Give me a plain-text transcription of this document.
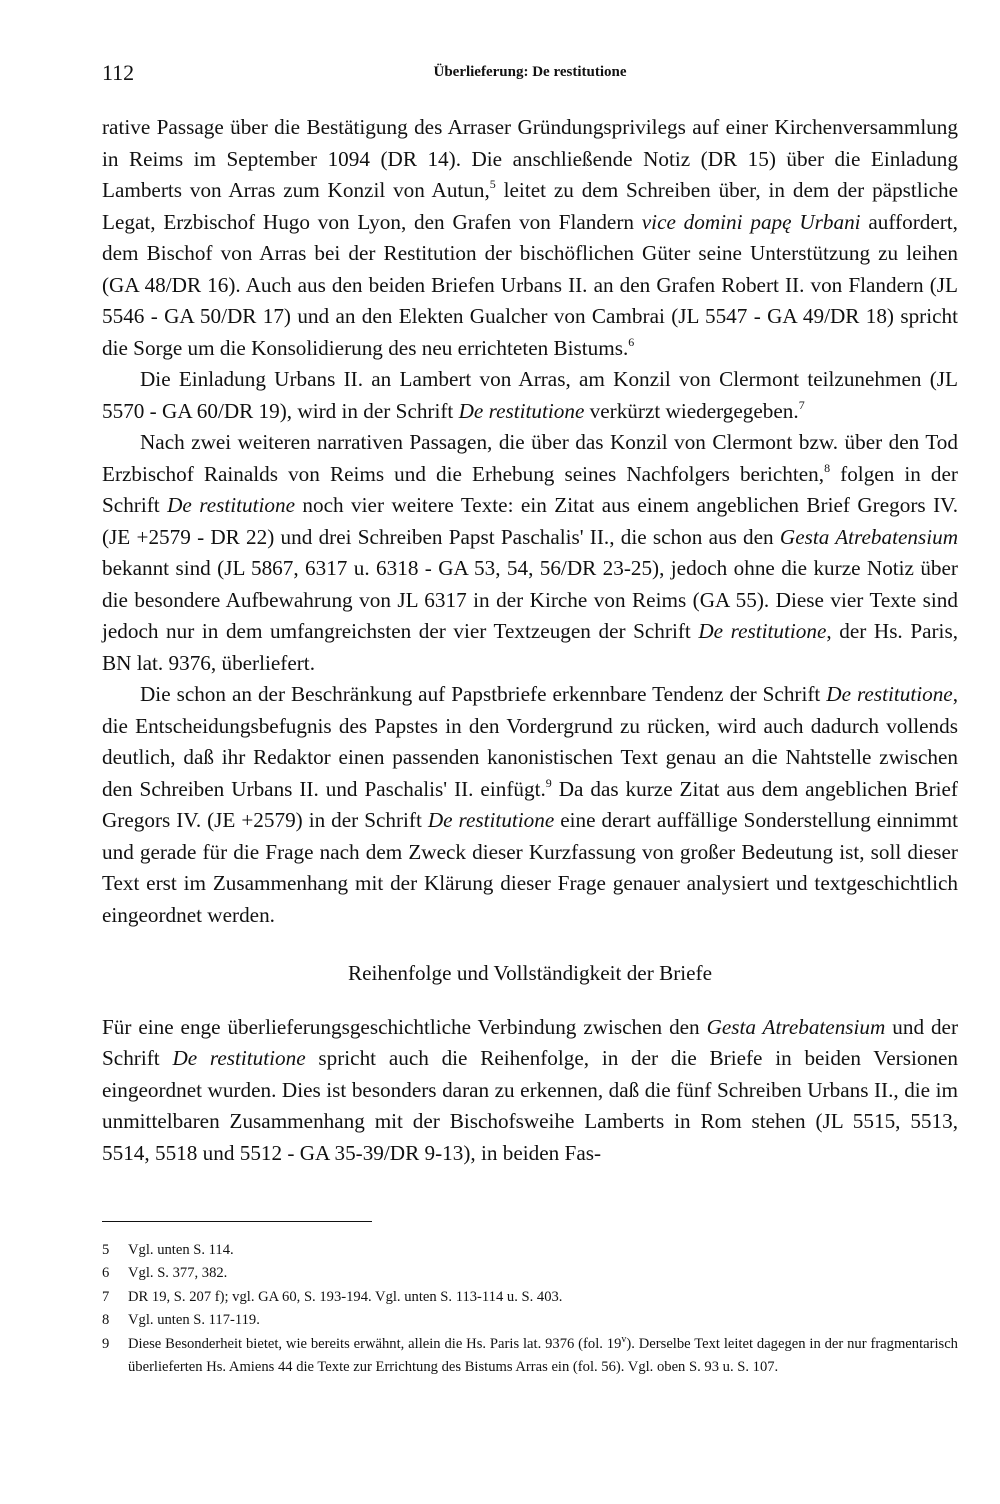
112	Überlieferung: De restitutione

rative Passage über die Bestätigung des Arraser Gründungsprivilegs auf einer Kirchenversammlung in Reims im September 1094 (DR 14). Die anschließende Notiz (DR 15) über die Einladung Lamberts von Arras zum Konzil von Autun,$^5$ leitet zu dem Schreiben über, in dem der päpstliche Legat, Erzbischof Hugo von Lyon, den Grafen von Flandern vice domini papę Urbani auffordert, dem Bischof von Arras bei der Restitution der bischöflichen Güter seine Unterstützung zu leihen (GA 48/DR 16). Auch aus den beiden Briefen Urbans II. an den Grafen Robert II. von Flandern (JL 5546 - GA 50/DR 17) und an den Elekten Gualcher von Cambrai (JL 5547 - GA 49/DR 18) spricht die Sorge um die Konsolidierung des neu errichteten Bistums.$^6$

Die Einladung Urbans II. an Lambert von Arras, am Konzil von Clermont teilzunehmen (JL 5570 - GA 60/DR 19), wird in der Schrift De restitutione verkürzt wiedergegeben.$^7$

Nach zwei weiteren narrativen Passagen, die über das Konzil von Clermont bzw. über den Tod Erzbischof Rainalds von Reims und die Erhebung seines Nachfolgers berichten,$^8$ folgen in der Schrift De restitutione noch vier weitere Texte: ein Zitat aus einem angeblichen Brief Gregors IV. (JE +2579 - DR 22) und drei Schreiben Papst Paschalis' II., die schon aus den Gesta Atrebatensium bekannt sind (JL 5867, 6317 u. 6318 - GA 53, 54, 56/DR 23-25), jedoch ohne die kurze Notiz über die besondere Aufbewahrung von JL 6317 in der Kirche von Reims (GA 55). Diese vier Texte sind jedoch nur in dem umfangreichsten der vier Textzeugen der Schrift De restitutione, der Hs. Paris, BN lat. 9376, überliefert.

Die schon an der Beschränkung auf Papstbriefe erkennbare Tendenz der Schrift De restitutione, die Entscheidungsbefugnis des Papstes in den Vordergrund zu rücken, wird auch dadurch vollends deutlich, daß ihr Redaktor einen passenden kanonistischen Text genau an die Nahtstelle zwischen den Schreiben Urbans II. und Paschalis' II. einfügt.$^9$ Da das kurze Zitat aus dem angeblichen Brief Gregors IV. (JE +2579) in der Schrift De restitutione eine derart auffällige Sonderstellung einnimmt und gerade für die Frage nach dem Zweck dieser Kurzfassung von großer Bedeutung ist, soll dieser Text erst im Zusammenhang mit der Klärung dieser Frage genauer analysiert und textgeschichtlich eingeordnet werden.

Reihenfolge und Vollständigkeit der Briefe

Für eine enge überlieferungsgeschichtliche Verbindung zwischen den Gesta Atrebatensium und der Schrift De restitutione spricht auch die Reihenfolge, in der die Briefe in beiden Versionen eingeordnet wurden. Dies ist besonders daran zu erkennen, daß die fünf Schreiben Urbans II., die im unmittelbaren Zusammenhang mit der Bischofsweihe Lamberts in Rom stehen (JL 5515, 5513, 5514, 5518 und 5512 - GA 35-39/DR 9-13), in beiden Fas-

5 Vgl. unten S. 114.
6 Vgl. S. 377, 382.
7 DR 19, S. 207 f); vgl. GA 60, S. 193-194. Vgl. unten S. 113-114 u. S. 403.
8 Vgl. unten S. 117-119.
9 Diese Besonderheit bietet, wie bereits erwähnt, allein die Hs. Paris lat. 9376 (fol. 19$^v$). Derselbe Text leitet dagegen in der nur fragmentarisch überlieferten Hs. Amiens 44 die Texte zur Errichtung des Bistums Arras ein (fol. 56). Vgl. oben S. 93 u. S. 107.
